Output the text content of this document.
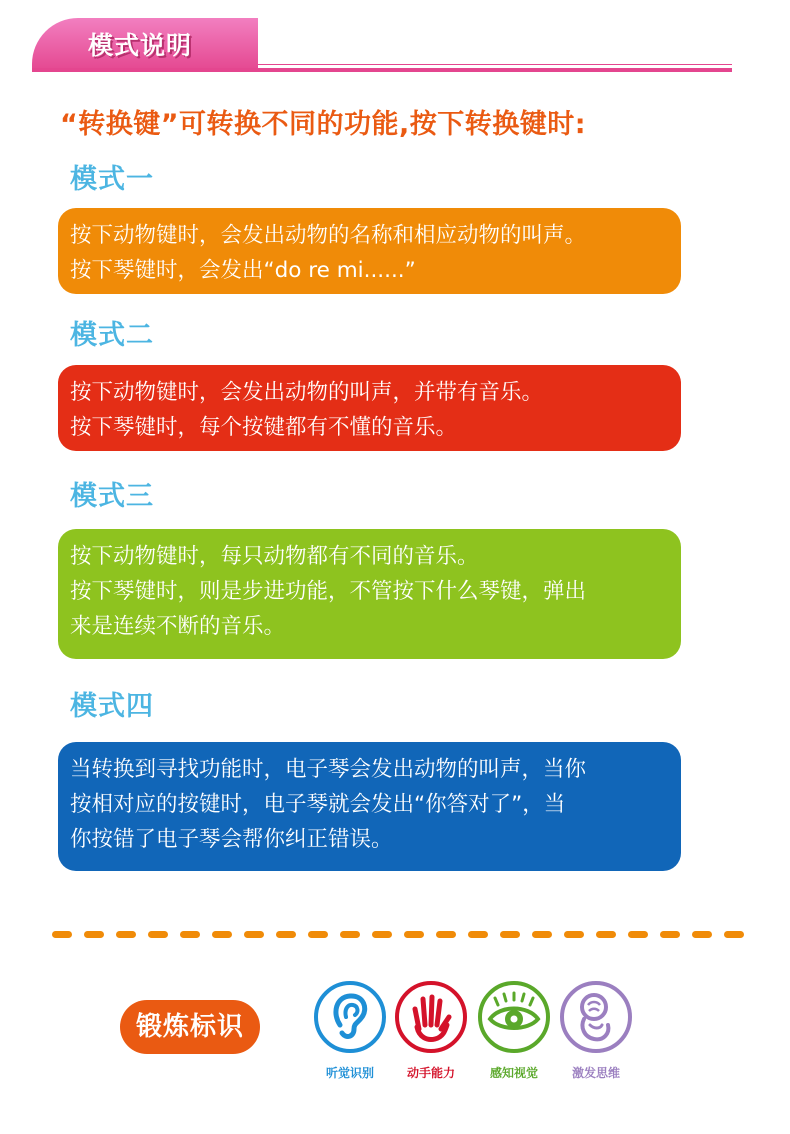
模式说明
“转换键”可转换不同的功能,按下转换键时:
模式一

按下动物键时，会发出动物的名称和相应动物的叫声。

按下琴键时，会发出“do re mi......”

模式二

按下动物键时，会发出动物的叫声，并带有音乐。

按下琴键时，每个按键都有不懂的音乐。

模式三

按下动物键时，每只动物都有不同的音乐。

按下琴键时，则是步进功能，不管按下什么琴键，弹出

来是连续不断的音乐。

模式四

当转换到寻找功能时，电子琴会发出动物的叫声，当你

按相对应的按键时，电子琴就会发出“你答对了”，当

你按错了电子琴会帮你纠正错误。

锻炼标识
听觉识别	动手能力	感知视觉	激发思维
